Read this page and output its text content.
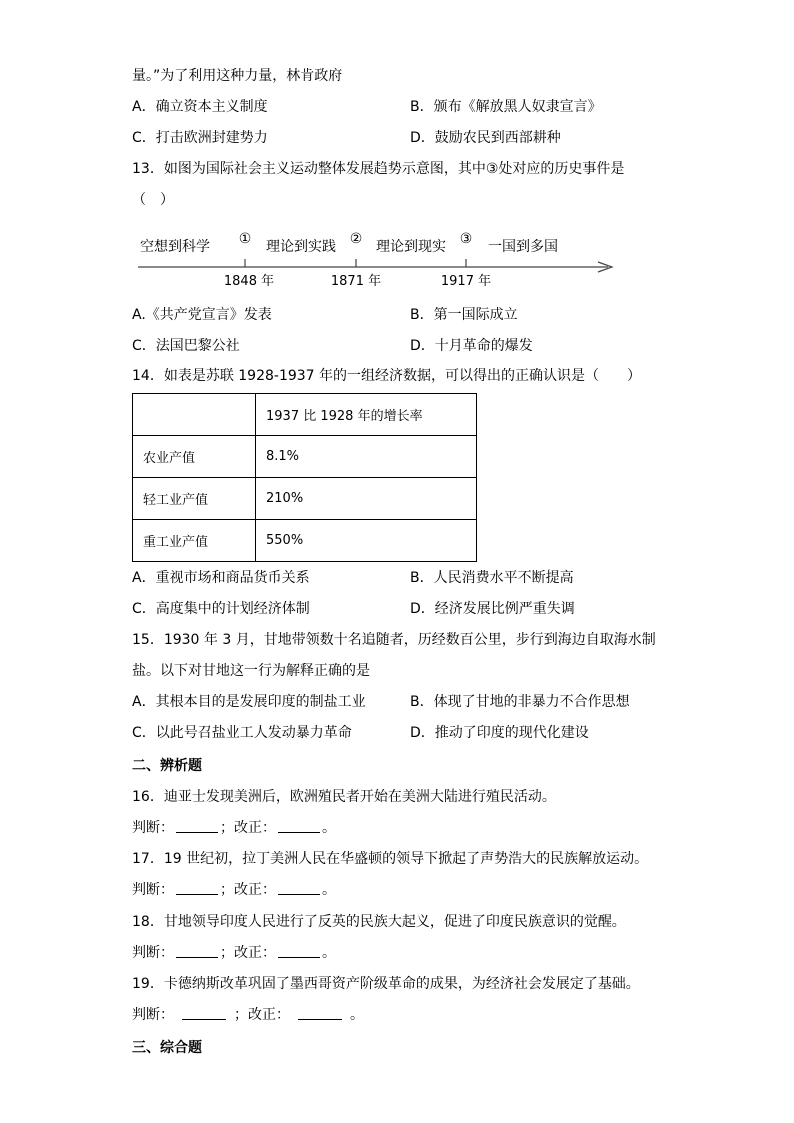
量。”为了利用这种力量，林肯政府
A．确立资本主义制度	B．颁布《解放黑人奴隶宣言》
C．打击欧洲封建势力	D．鼓励农民到西部耕种
13．如图为国际社会主义运动整体发展趋势示意图，其中③处对应的历史事件是
（　）
空想到科学	理论到实践	理论到现实	一国到多国
①	②	③
1848 年	1871 年	1917 年
A.《共产党宣言》发表	B．第一国际成立
C．法国巴黎公社	D．十月革命的爆发
14．如表是苏联 1928-1937 年的一组经济数据，可以得出的正确认识是（　　）
	1937 比 1928 年的增长率
农业产值	8.1%
轻工业产值	210%
重工业产值	550%
A．重视市场和商品货币关系	B．人民消费水平不断提高
C．高度集中的计划经济体制	D．经济发展比例严重失调
15．1930 年 3 月，甘地带领数十名追随者，历经数百公里，步行到海边自取海水制
盐。以下对甘地这一行为解释正确的是
A．其根本目的是发展印度的制盐工业	B．体现了甘地的非暴力不合作思想
C．以此号召盐业工人发动暴力革命	D．推动了印度的现代化建设
二、辨析题
16．迪亚士发现美洲后，欧洲殖民者开始在美洲大陆进行殖民活动。
判断：	；改正：	。
17．19 世纪初，拉丁美洲人民在华盛顿的领导下掀起了声势浩大的民族解放运动。
判断：	；改正：	。
18．甘地领导印度人民进行了反英的民族大起义，促进了印度民族意识的觉醒。
判断：	；改正：	。
19．卡德纳斯改革巩固了墨西哥资产阶级革命的成果，为经济社会发展定了基础。
判断：	；改正：	。
三、综合题
